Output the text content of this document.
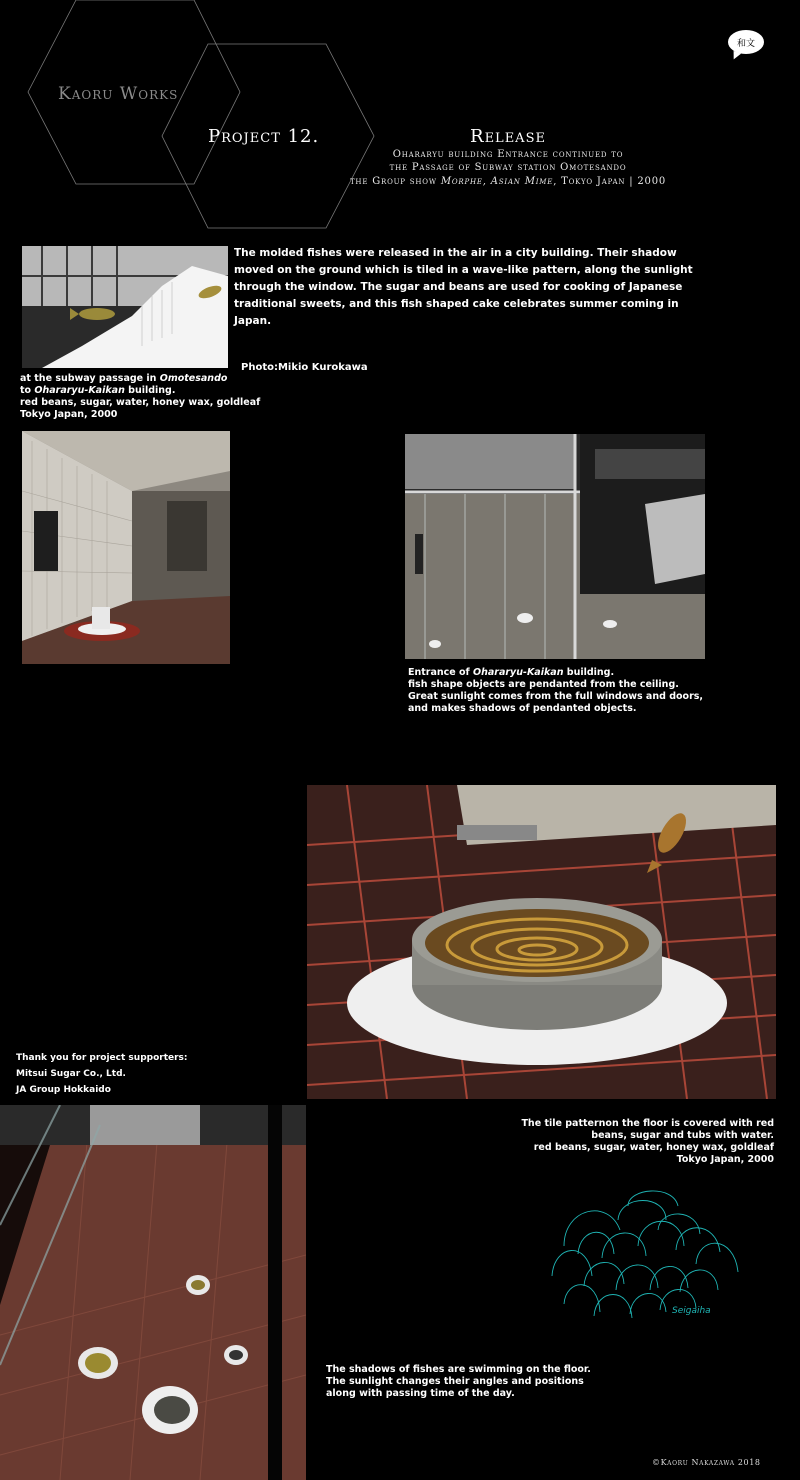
Kaoru Works
Project 12.	Release
Ohararyu building Entrance continued to
the Passage of Subway station Omotesando
the Group show Morphe, Asian Mime, Tokyo Japan | 2000
和文
The molded fishes were released in the air in a city building. Their shadow moved on the ground which is tiled in a wave-like pattern, along the sunlight through the window. The sugar and beans are used for cooking of Japanese traditional sweets, and this fish shaped cake celebrates summer coming in Japan.
Photo:Mikio Kurokawa
at the subway passage in Omotesando
to Ohararyu-Kaikan building.
red beans, sugar, water, honey wax, goldleaf
Tokyo Japan, 2000
Entrance of Ohararyu-Kaikan building.
fish shape objects are pendanted from the ceiling.
Great sunlight comes from the full windows and doors,
and makes shadows of pendanted objects.
Thank you for project supporters:
Mitsui Sugar Co., Ltd.
JA Group Hokkaido
The tile patternon the floor is covered with red
beans, sugar and tubs with water.
red beans, sugar, water, honey wax, goldleaf
Tokyo Japan, 2000
Seigaiha
The shadows of fishes are swimming on the floor.
The sunlight changes their angles and positions
along with passing time of the day.
©Kaoru Nakazawa 2018
